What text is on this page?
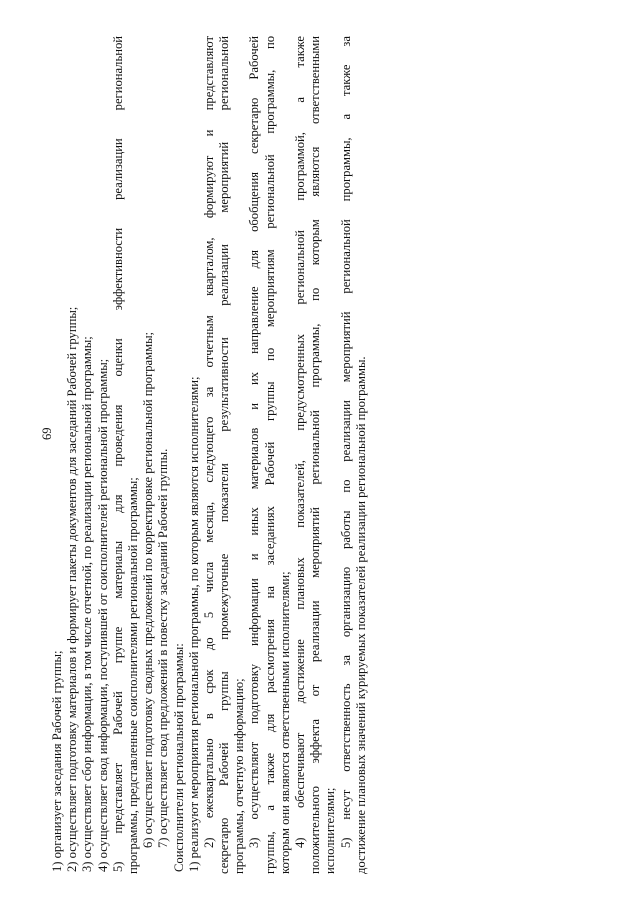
69
1) организует заседания Рабочей группы; 2) осуществляет подготовку материалов и формирует пакеты документов для заседаний Рабочей группы; 3) осуществляет сбор информации, в том числе отчетной, по реализации региональной программы; 4) осуществляет свод информации, поступившей от соисполнителей региональной программы; 5) представляет Рабочей группе материалы для проведения оценки эффективности реализации региональной программы, представленные соисполнителями региональной программы; 6) осуществляет подготовку сводных предложений по корректировке региональной программы; 7) осуществляет свод предложений в повестку заседаний Рабочей группы. Соисполнители региональной программы: 1) реализуют мероприятия региональной программы, по которым являются исполнителями; 2) ежеквартально в срок до 5 числа месяца, следующего за отчетным кварталом, формируют и представляют секретарю Рабочей группы промежуточные показатели результативности реализации мероприятий региональной программы, отчетную информацию; 3) осуществляют подготовку информации и иных материалов и их направление для обобщения секретарю Рабочей группы, а также для рассмотрения на заседаниях Рабочей группы по мероприятиям региональной программы, по которым они являются ответственными исполнителями; 4) обеспечивают достижение плановых показателей, предусмотренных региональной программой, а также положительного эффекта от реализации мероприятий региональной программы, по которым являются ответственными исполнителями; 5) несут ответственность за организацию работы по реализации мероприятий региональной программы, а также за достижение плановых значений курируемых показателей реализации региональной программы.
